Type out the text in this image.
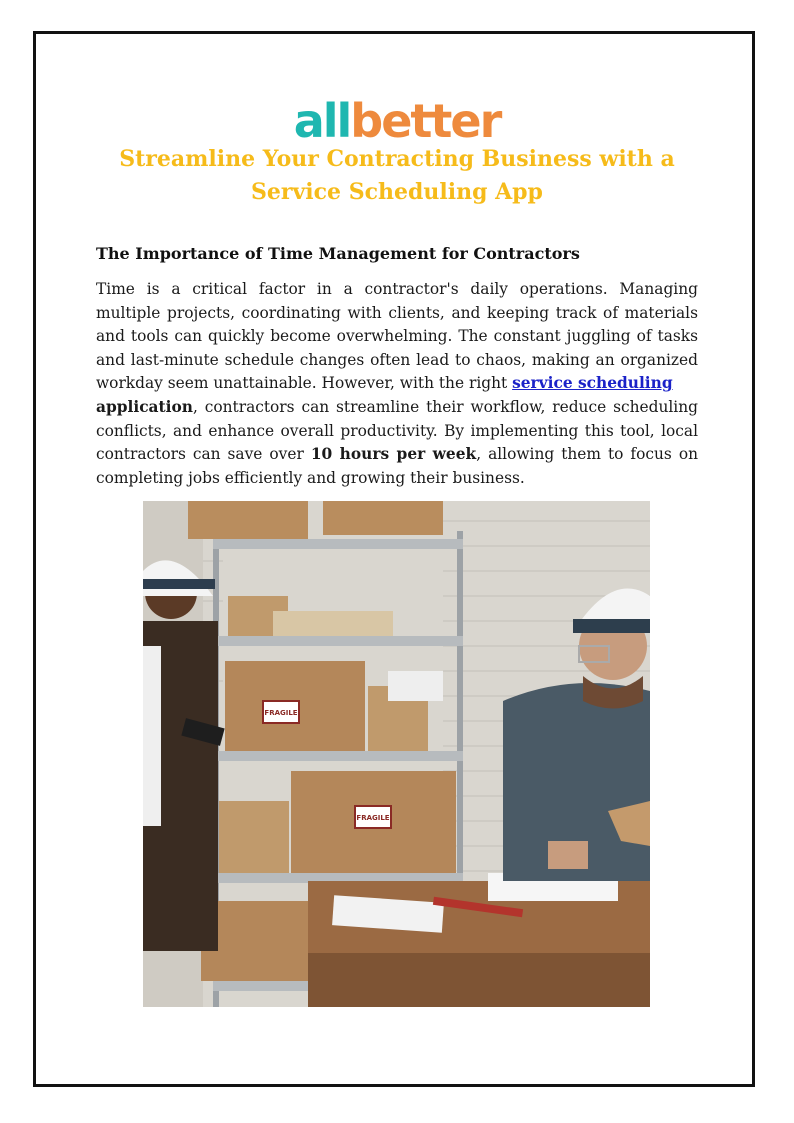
allbetter
Streamline Your Contracting Business with a Service Scheduling App
The Importance of Time Management for Contractors

Time is a critical factor in a contractor's daily operations. Managing multiple projects, coordinating with clients, and keeping track of materials and tools can quickly become overwhelming. The constant juggling of tasks and last-minute schedule changes often lead to chaos, making an organized workday seem unattainable. However, with the right service scheduling
application, contractors can streamline their workflow, reduce scheduling conflicts, and enhance overall productivity. By implementing this tool, local contractors can save over 10 hours per week, allowing them to focus on completing jobs efficiently and growing their business.

FRAGILE
FRAGILE
